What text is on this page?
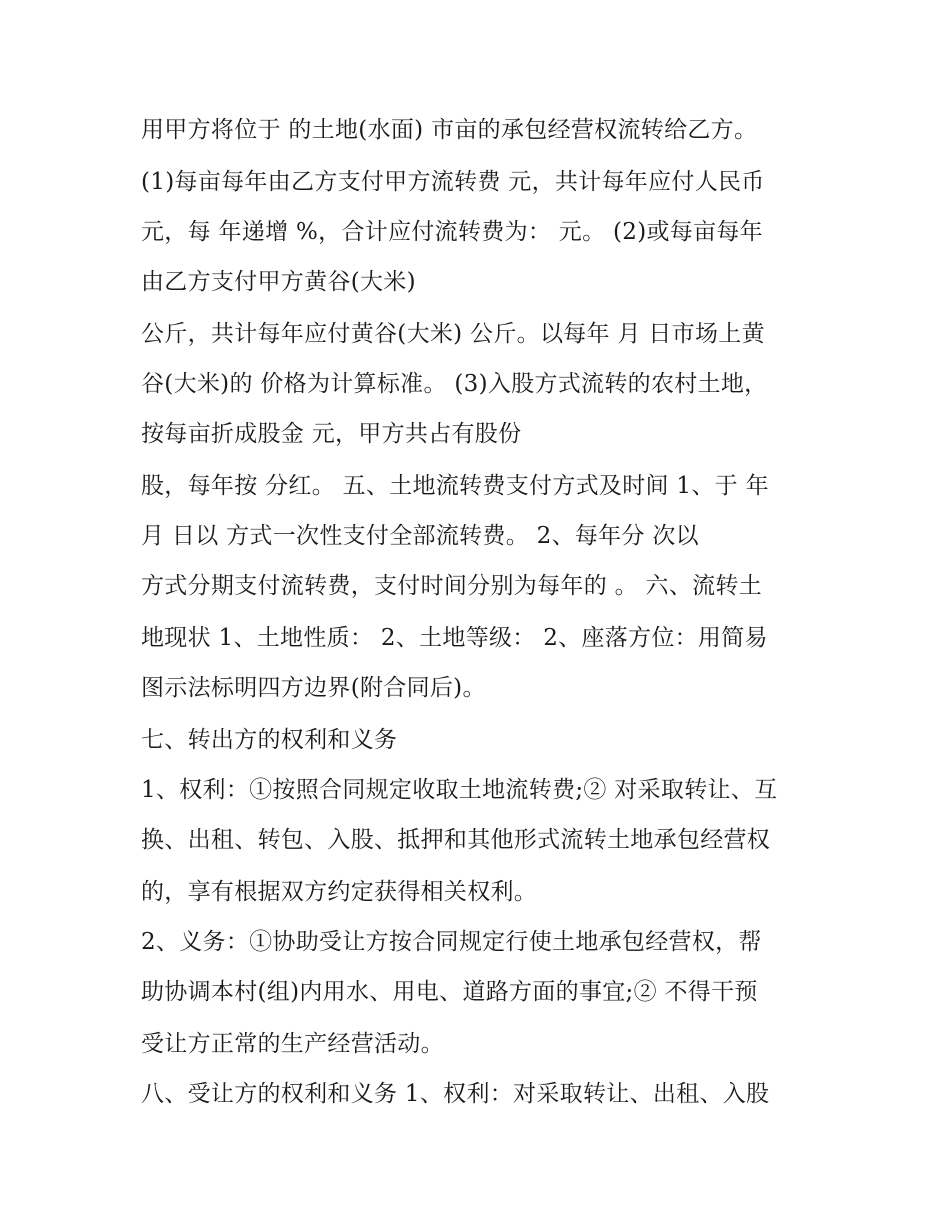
用甲方将位于 的土地(水面) 市亩的承包经营权流转给乙方。
(1)每亩每年由乙方支付甲方流转费 元，共计每年应付人民币
元，每 年递增 %，合计应付流转费为： 元。 (2)或每亩每年
由乙方支付甲方黄谷(大米)
公斤，共计每年应付黄谷(大米) 公斤。以每年 月 日市场上黄
谷(大米)的 价格为计算标准。 (3)入股方式流转的农村土地，
按每亩折成股金 元，甲方共占有股份
股，每年按 分红。 五、土地流转费支付方式及时间 1、于 年
月 日以 方式一次性支付全部流转费。 2、每年分 次以
方式分期支付流转费，支付时间分别为每年的 。 六、流转土
地现状 1、土地性质： 2、土地等级： 2、座落方位：用简易
图示法标明四方边界(附合同后)。
七、转出方的权利和义务
1、权利：①按照合同规定收取土地流转费;② 对采取转让、互
换、出租、转包、入股、抵押和其他形式流转土地承包经营权
的，享有根据双方约定获得相关权利。
2、义务：①协助受让方按合同规定行使土地承包经营权，帮
助协调本村(组)内用水、用电、道路方面的事宜;② 不得干预
受让方正常的生产经营活动。
八、受让方的权利和义务 1、权利：对采取转让、出租、入股
